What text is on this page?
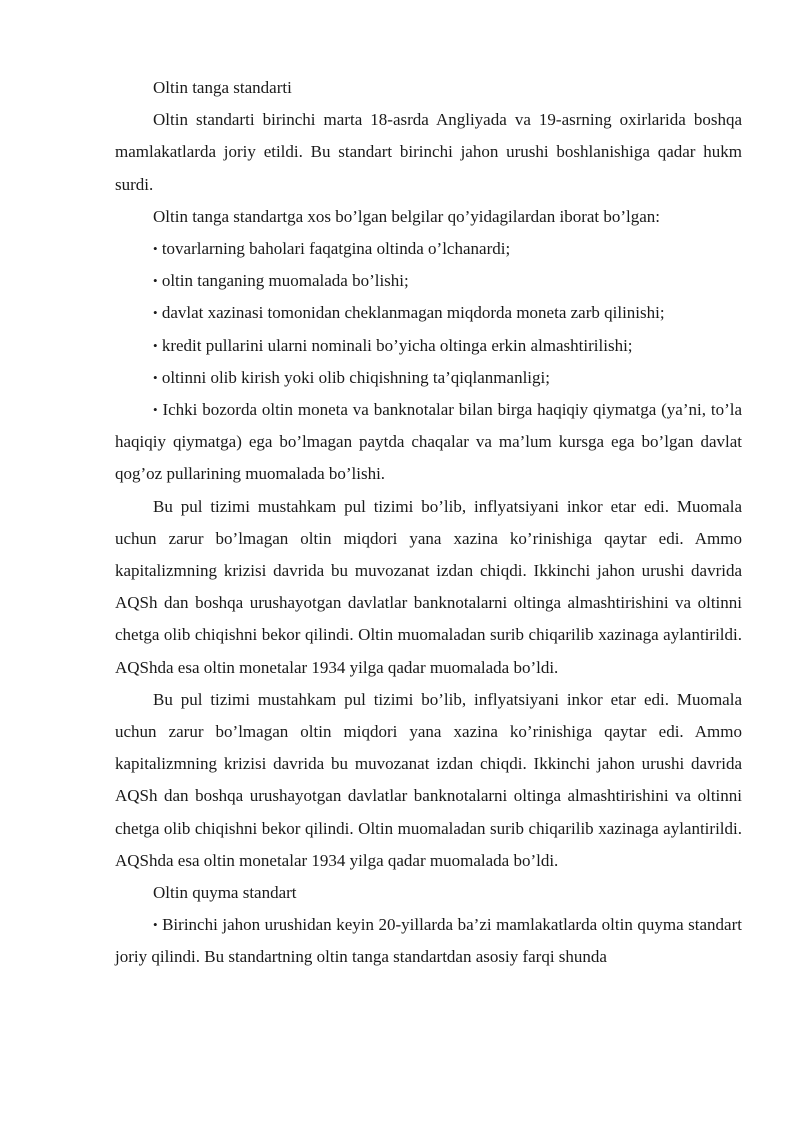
Oltin tanga standarti

Oltin standarti birinchi marta 18-asrda Angliyada va 19-asrning oxirlarida boshqa mamlakatlarda joriy etildi. Bu standart birinchi jahon urushi boshlanishiga qadar hukm surdi.

Oltin tanga standartga xos bo’lgan belgilar qo’yidagilardan iborat bo’lgan:

• tovarlarning baholari faqatgina oltinda o’lchanardi;

• oltin tanganing muomalada bo’lishi;

• davlat xazinasi tomonidan cheklanmagan miqdorda moneta zarb qilinishi;

• kredit pullarini ularni nominali bo’yicha oltinga erkin almashtirilishi;

• oltinni olib kirish yoki olib chiqishning ta’qiqlanmanligi;

• Ichki bozorda oltin moneta va banknotalar bilan birga haqiqiy qiymatga (ya’ni, to’la haqiqiy qiymatga) ega bo’lmagan paytda chaqalar va ma’lum kursga ega bo’lgan davlat qog’oz pullarining muomalada bo’lishi.

Bu pul tizimi mustahkam pul tizimi bo’lib, inflyatsiyani inkor etar edi. Muomala uchun zarur bo’lmagan oltin miqdori yana xazina ko’rinishiga qaytar edi. Ammo kapitalizmning krizisi davrida bu muvozanat izdan chiqdi. Ikkinchi jahon urushi davrida AQSh dan boshqa urushayotgan davlatlar banknotalarni oltinga almashtirishini va oltinni chetga olib chiqishni bekor qilindi. Oltin muomaladan surib chiqarilib xazinaga aylantirildi. AQShda esa oltin monetalar 1934 yilga qadar muomalada bo’ldi.

Bu pul tizimi mustahkam pul tizimi bo’lib, inflyatsiyani inkor etar edi. Muomala uchun zarur bo’lmagan oltin miqdori yana xazina ko’rinishiga qaytar edi. Ammo kapitalizmning krizisi davrida bu muvozanat izdan chiqdi. Ikkinchi jahon urushi davrida AQSh dan boshqa urushayotgan davlatlar banknotalarni oltinga almashtirishini va oltinni chetga olib chiqishni bekor qilindi. Oltin muomaladan surib chiqarilib xazinaga aylantirildi. AQShda esa oltin monetalar 1934 yilga qadar muomalada bo’ldi.

Oltin quyma standart

• Birinchi jahon urushidan keyin 20-yillarda ba’zi mamlakatlarda oltin quyma standart joriy qilindi. Bu standartning oltin tanga standartdan asosiy farqi shunda
